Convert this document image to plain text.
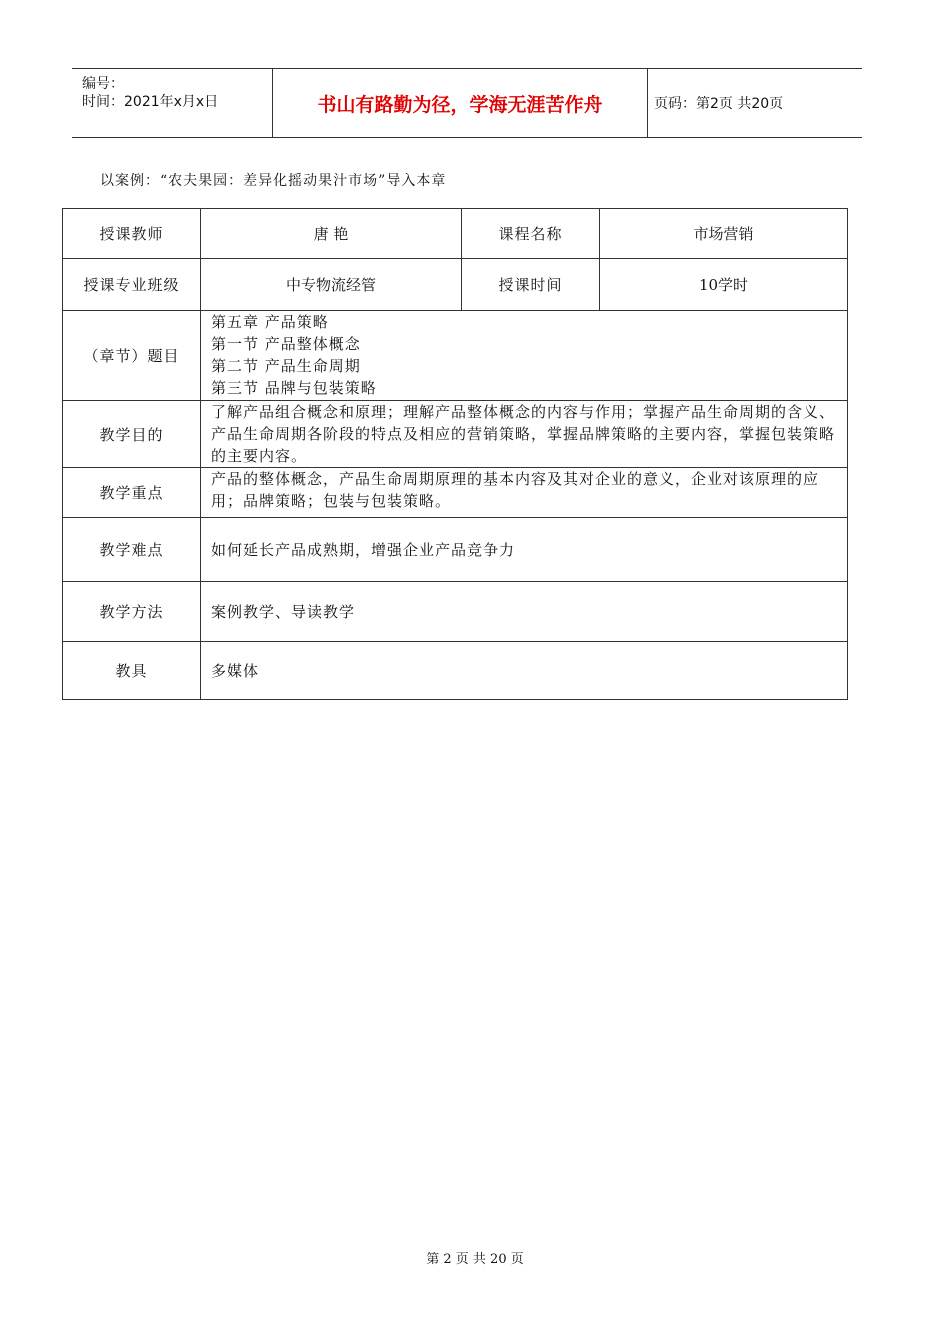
编号：
时间：2021年x月x日	书山有路勤为径，学海无涯苦作舟	页码：第2页 共20页
以案例：“农夫果园：差异化摇动果汁市场”导入本章
授课教师	唐 艳	课程名称	市场营销
授课专业班级	中专物流经管	授课时间	10学时
（章节）题目	第五章 产品策略
第一节 产品整体概念
第二节 产品生命周期
第三节 品牌与包装策略		

教学目的	了解产品组合概念和原理；理解产品整体概念的内容与作用；掌握产品生命周期的含义、产品生命周期各阶段的特点及相应的营销策略，掌握品牌策略的主要内容，掌握包装策略的主要内容。		
教学重点	产品的整体概念，产品生命周期原理的基本内容及其对企业的意义，企业对该原理的应用；品牌策略；包装与包装策略。		
教学难点	如何延长产品成熟期，增强企业产品竞争力		
教学方法	案例教学、导读教学		
教具	多媒体		
第 2 页 共 20 页
